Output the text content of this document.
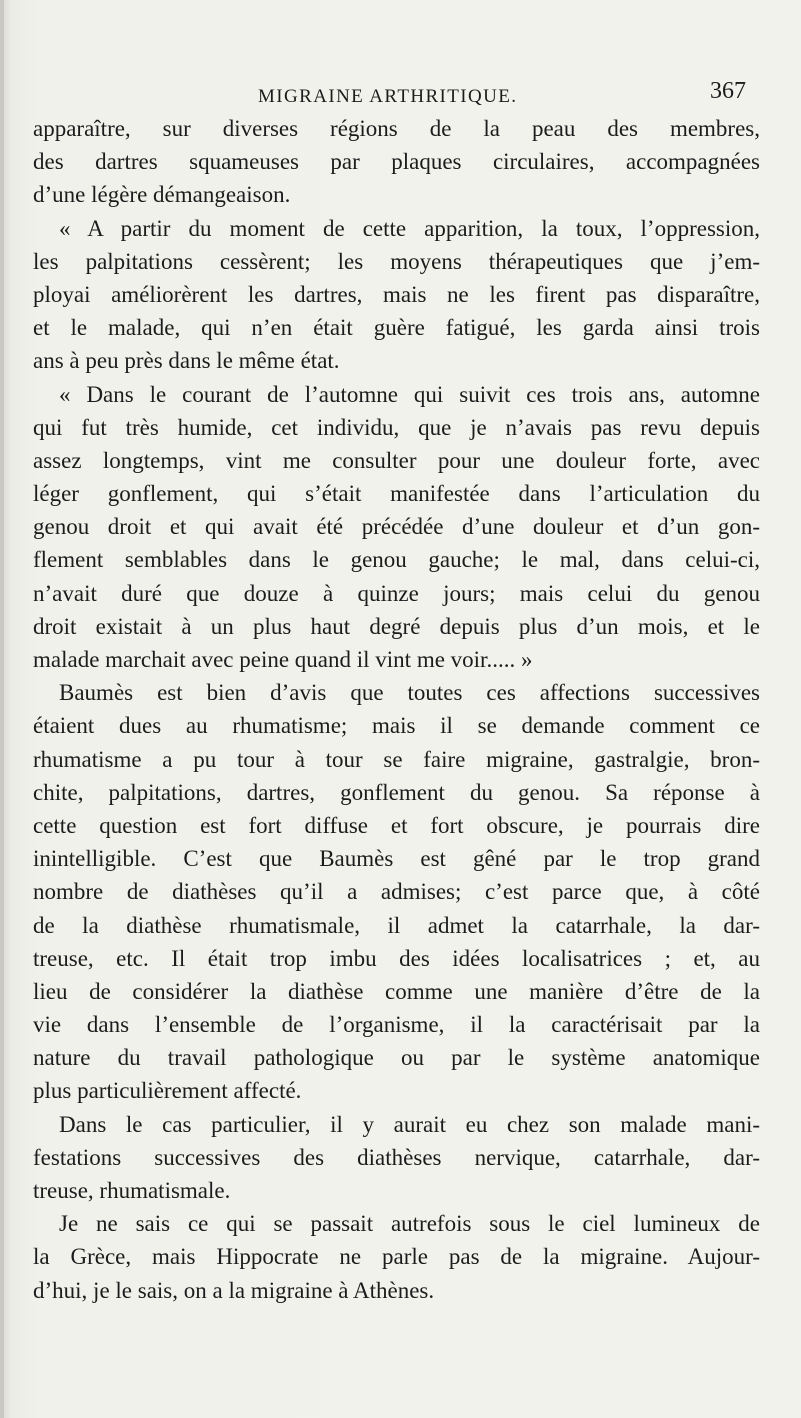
MIGRAINE ARTHRITIQUE.	367
apparaître, sur diverses régions de la peau des membres,
des dartres squameuses par plaques circulaires, accompagnées
d’une légère démangeaison.
« A partir du moment de cette apparition, la toux, l’oppression,
les palpitations cessèrent; les moyens thérapeutiques que j’em-
ployai améliorèrent les dartres, mais ne les firent pas disparaître,
et le malade, qui n’en était guère fatigué, les garda ainsi trois
ans à peu près dans le même état.
« Dans le courant de l’automne qui suivit ces trois ans, automne
qui fut très humide, cet individu, que je n’avais pas revu depuis
assez longtemps, vint me consulter pour une douleur forte, avec
léger gonflement, qui s’était manifestée dans l’articulation du
genou droit et qui avait été précédée d’une douleur et d’un gon-
flement semblables dans le genou gauche; le mal, dans celui-ci,
n’avait duré que douze à quinze jours; mais celui du genou
droit existait à un plus haut degré depuis plus d’un mois, et le
malade marchait avec peine quand il vint me voir..... »
Baumès est bien d’avis que toutes ces affections successives
étaient dues au rhumatisme; mais il se demande comment ce
rhumatisme a pu tour à tour se faire migraine, gastralgie, bron-
chite, palpitations, dartres, gonflement du genou. Sa réponse à
cette question est fort diffuse et fort obscure, je pourrais dire
inintelligible. C’est que Baumès est gêné par le trop grand
nombre de diathèses qu’il a admises; c’est parce que, à côté
de la diathèse rhumatismale, il admet la catarrhale, la dar-
treuse, etc. Il était trop imbu des idées localisatrices ; et, au
lieu de considérer la diathèse comme une manière d’être de la
vie dans l’ensemble de l’organisme, il la caractérisait par la
nature du travail pathologique ou par le système anatomique
plus particulièrement affecté.
Dans le cas particulier, il y aurait eu chez son malade mani-
festations successives des diathèses nervique, catarrhale, dar-
treuse, rhumatismale.
Je ne sais ce qui se passait autrefois sous le ciel lumineux de
la Grèce, mais Hippocrate ne parle pas de la migraine. Aujour-
d’hui, je le sais, on a la migraine à Athènes.
